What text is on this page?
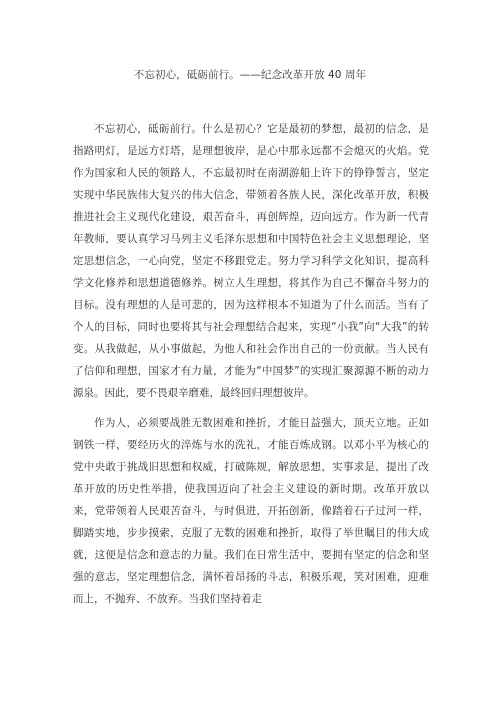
不忘初心，砥砺前行。——纪念改革开放 40 周年

不忘初心，砥砺前行。什么是初心？它是最初的梦想，最初的信念，是指路明灯，是远方灯塔，是理想彼岸，是心中那永远都不会熄灭的火焰。党作为国家和人民的领路人，不忘最初时在南湖游船上许下的铮铮誓言，坚定实现中华民族伟大复兴的伟大信念，带领着各族人民，深化改革开放，积极推进社会主义现代化建设，艰苦奋斗，再创辉煌，迈向远方。作为新一代青年教师，要认真学习马列主义毛泽东思想和中国特色社会主义思想理论，坚定思想信念，一心向党，坚定不移跟党走。努力学习科学文化知识，提高科学文化修养和思想道德修养。树立人生理想，将其作为自己不懈奋斗努力的目标。没有理想的人是可悲的，因为这样根本不知道为了什么而活。当有了个人的目标，同时也要将其与社会理想结合起来，实现“小我”向“大我”的转变。从我做起，从小事做起，为他人和社会作出自己的一份贡献。当人民有了信仰和理想，国家才有力量，才能为“中国梦”的实现汇聚源源不断的动力源泉。因此，要不畏艰辛磨难，最终回归理想彼岸。

作为人，必须要战胜无数困难和挫折，才能日益强大，顶天立地。正如钢铁一样，要经历火的淬炼与水的洗礼，才能百炼成钢。以邓小平为核心的党中央敢于挑战旧思想和权威，打破陈规，解放思想，实事求是，提出了改革开放的历史性举措，使我国迈向了社会主义建设的新时期。改革开放以来，党带领着人民艰苦奋斗，与时俱进，开拓创新，像踏着石子过河一样，脚踏实地，步步摸索，克服了无数的困难和挫折，取得了举世瞩目的伟大成就，这便是信念和意志的力量。我们在日常生活中，要拥有坚定的信念和坚强的意志，坚定理想信念，满怀着昂扬的斗志，积极乐观，笑对困难，迎难而上，不抛弃、不放弃。当我们坚持着走
